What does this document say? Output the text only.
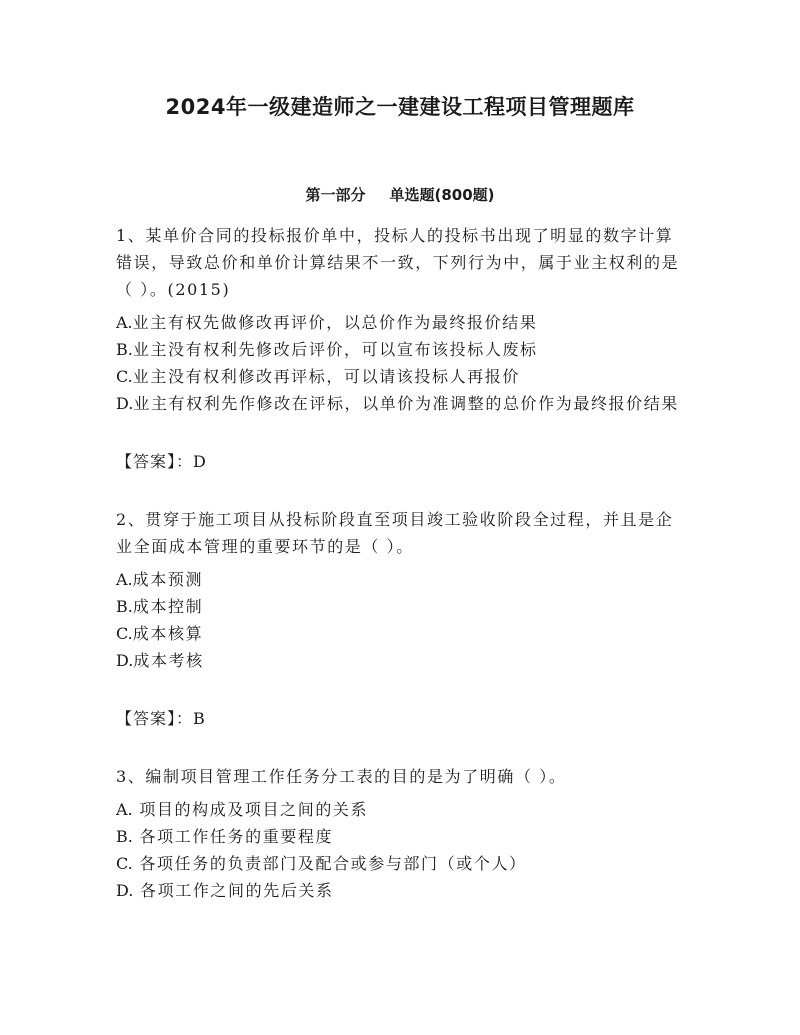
2024年一级建造师之一建建设工程项目管理题库
第一部分 单选题(800题)

1、某单价合同的投标报价单中，投标人的投标书出现了明显的数字计算错误，导致总价和单价计算结果不一致，下列行为中，属于业主权利的是（ ）。(2015)

A.业主有权先做修改再评价，以总价作为最终报价结果

B.业主没有权利先修改后评价，可以宣布该投标人废标

C.业主没有权利修改再评标，可以请该投标人再报价

D.业主有权利先作修改在评标，以单价为准调整的总价作为最终报价结果

【答案】：D

2、贯穿于施工项目从投标阶段直至项目竣工验收阶段全过程，并且是企业全面成本管理的重要环节的是（ ）。

A.成本预测

B.成本控制

C.成本核算

D.成本考核

【答案】：B

3、编制项目管理工作任务分工表的目的是为了明确（ ）。

A. 项目的构成及项目之间的关系

B. 各项工作任务的重要程度

C. 各项任务的负责部门及配合或参与部门（或个人）

D. 各项工作之间的先后关系
